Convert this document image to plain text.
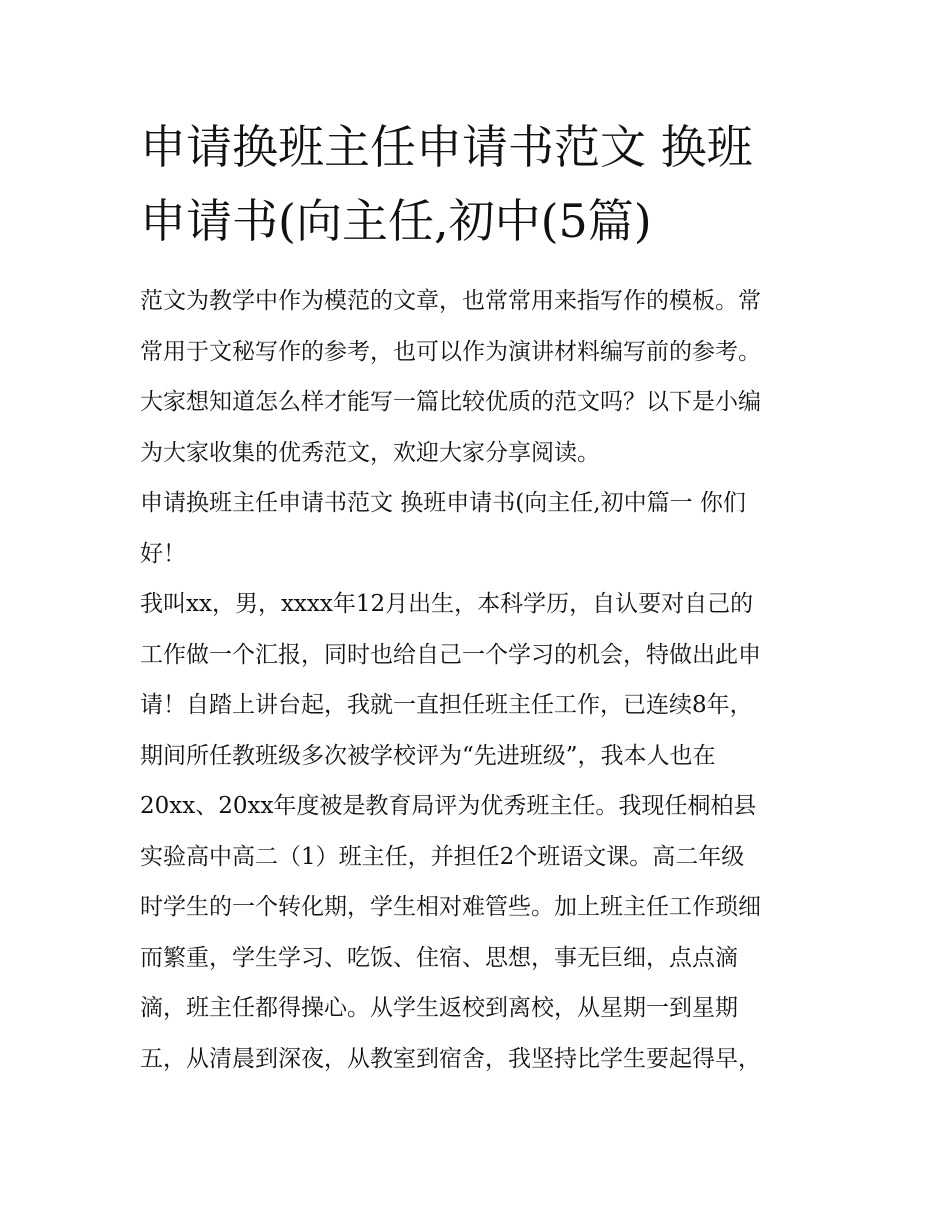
申请换班主任申请书范文 换班
申请书(向主任,初中(5篇)

范文为教学中作为模范的文章，也常常用来指写作的模板。常
常用于文秘写作的参考，也可以作为演讲材料编写前的参考。
大家想知道怎么样才能写一篇比较优质的范文吗？以下是小编
为大家收集的优秀范文，欢迎大家分享阅读。

申请换班主任申请书范文 换班申请书(向主任,初中篇一 你们
好！

我叫xx，男，xxxx年12月出生，本科学历，自认要对自己的
工作做一个汇报，同时也给自己一个学习的机会，特做出此申
请！自踏上讲台起，我就一直担任班主任工作，已连续8年，
期间所任教班级多次被学校评为“先进班级”，我本人也在
20xx、20xx年度被是教育局评为优秀班主任。我现任桐柏县
实验高中高二（1）班主任，并担任2个班语文课。高二年级
时学生的一个转化期，学生相对难管些。加上班主任工作琐细
而繁重，学生学习、吃饭、住宿、思想，事无巨细，点点滴
滴，班主任都得操心。从学生返校到离校，从星期一到星期
五，从清晨到深夜，从教室到宿舍，我坚持比学生要起得早，
